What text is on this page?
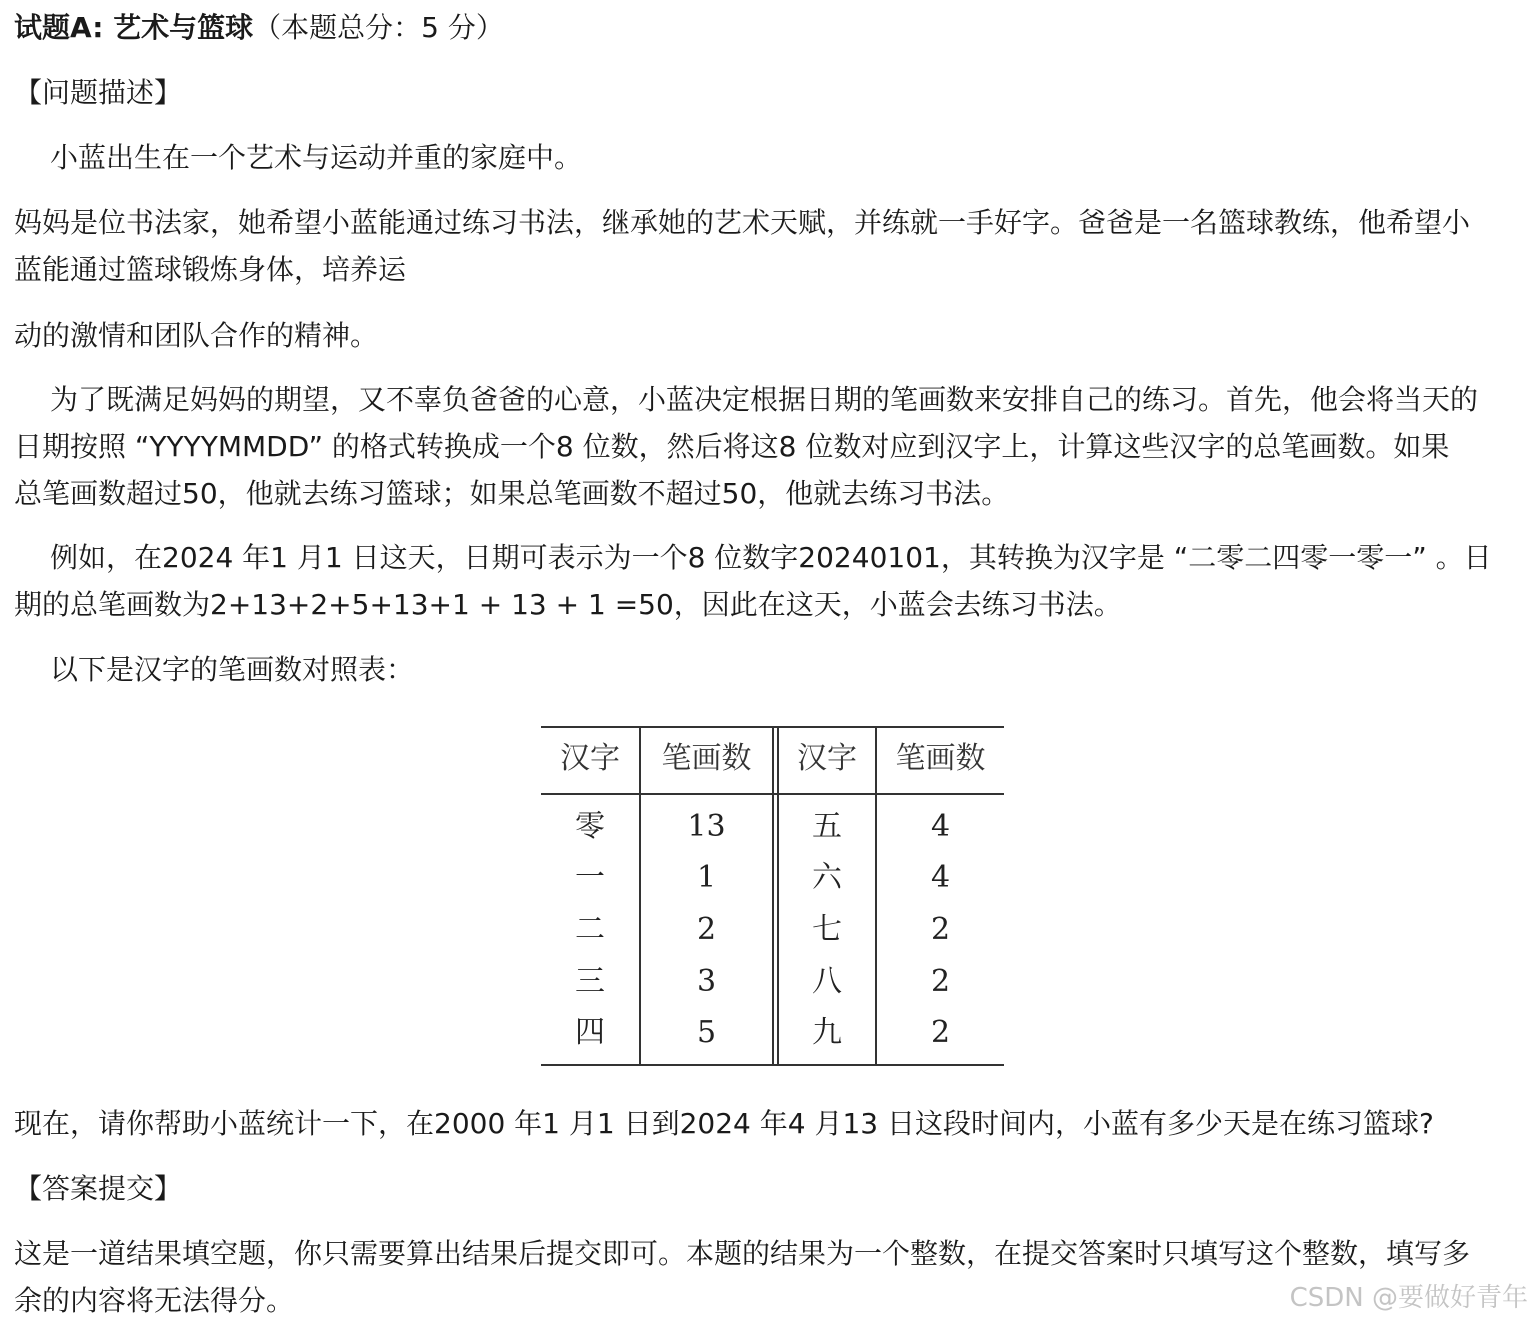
试题A: 艺术与篮球（本题总分：5 分）
【问题描述】
小蓝出生在一个艺术与运动并重的家庭中。
妈妈是位书法家，她希望小蓝能通过练习书法，继承她的艺术天赋，并练就一手好字。爸爸是一名篮球教练，他希望小
蓝能通过篮球锻炼身体，培养运
动的激情和团队合作的精神。
为了既满足妈妈的期望，又不辜负爸爸的心意，小蓝决定根据日期的笔画数来安排自己的练习。首先，他会将当天的
日期按照 “YYYYMMDD” 的格式转换成一个8 位数，然后将这8 位数对应到汉字上，计算这些汉字的总笔画数。如果
总笔画数超过50，他就去练习篮球；如果总笔画数不超过50，他就去练习书法。
例如，在2024 年1 月1 日这天，日期可表示为一个8 位数字20240101，其转换为汉字是 “二零二四零一零一” 。日
期的总笔画数为2+13+2+5+13+1 + 13 + 1 =50，因此在这天，小蓝会去练习书法。
以下是汉字的笔画数对照表：
汉字	笔画数	汉字	笔画数
零	13	五	4
一	1	六	4
二	2	七	2
三	3	八	2
四	5	九	2
现在，请你帮助小蓝统计一下，在2000 年1 月1 日到2024 年4 月13 日这段时间内，小蓝有多少天是在练习篮球?
【答案提交】
这是一道结果填空题，你只需要算出结果后提交即可。本题的结果为一个整数，在提交答案时只填写这个整数，填写多
余的内容将无法得分。	CSDN @要做好青年
